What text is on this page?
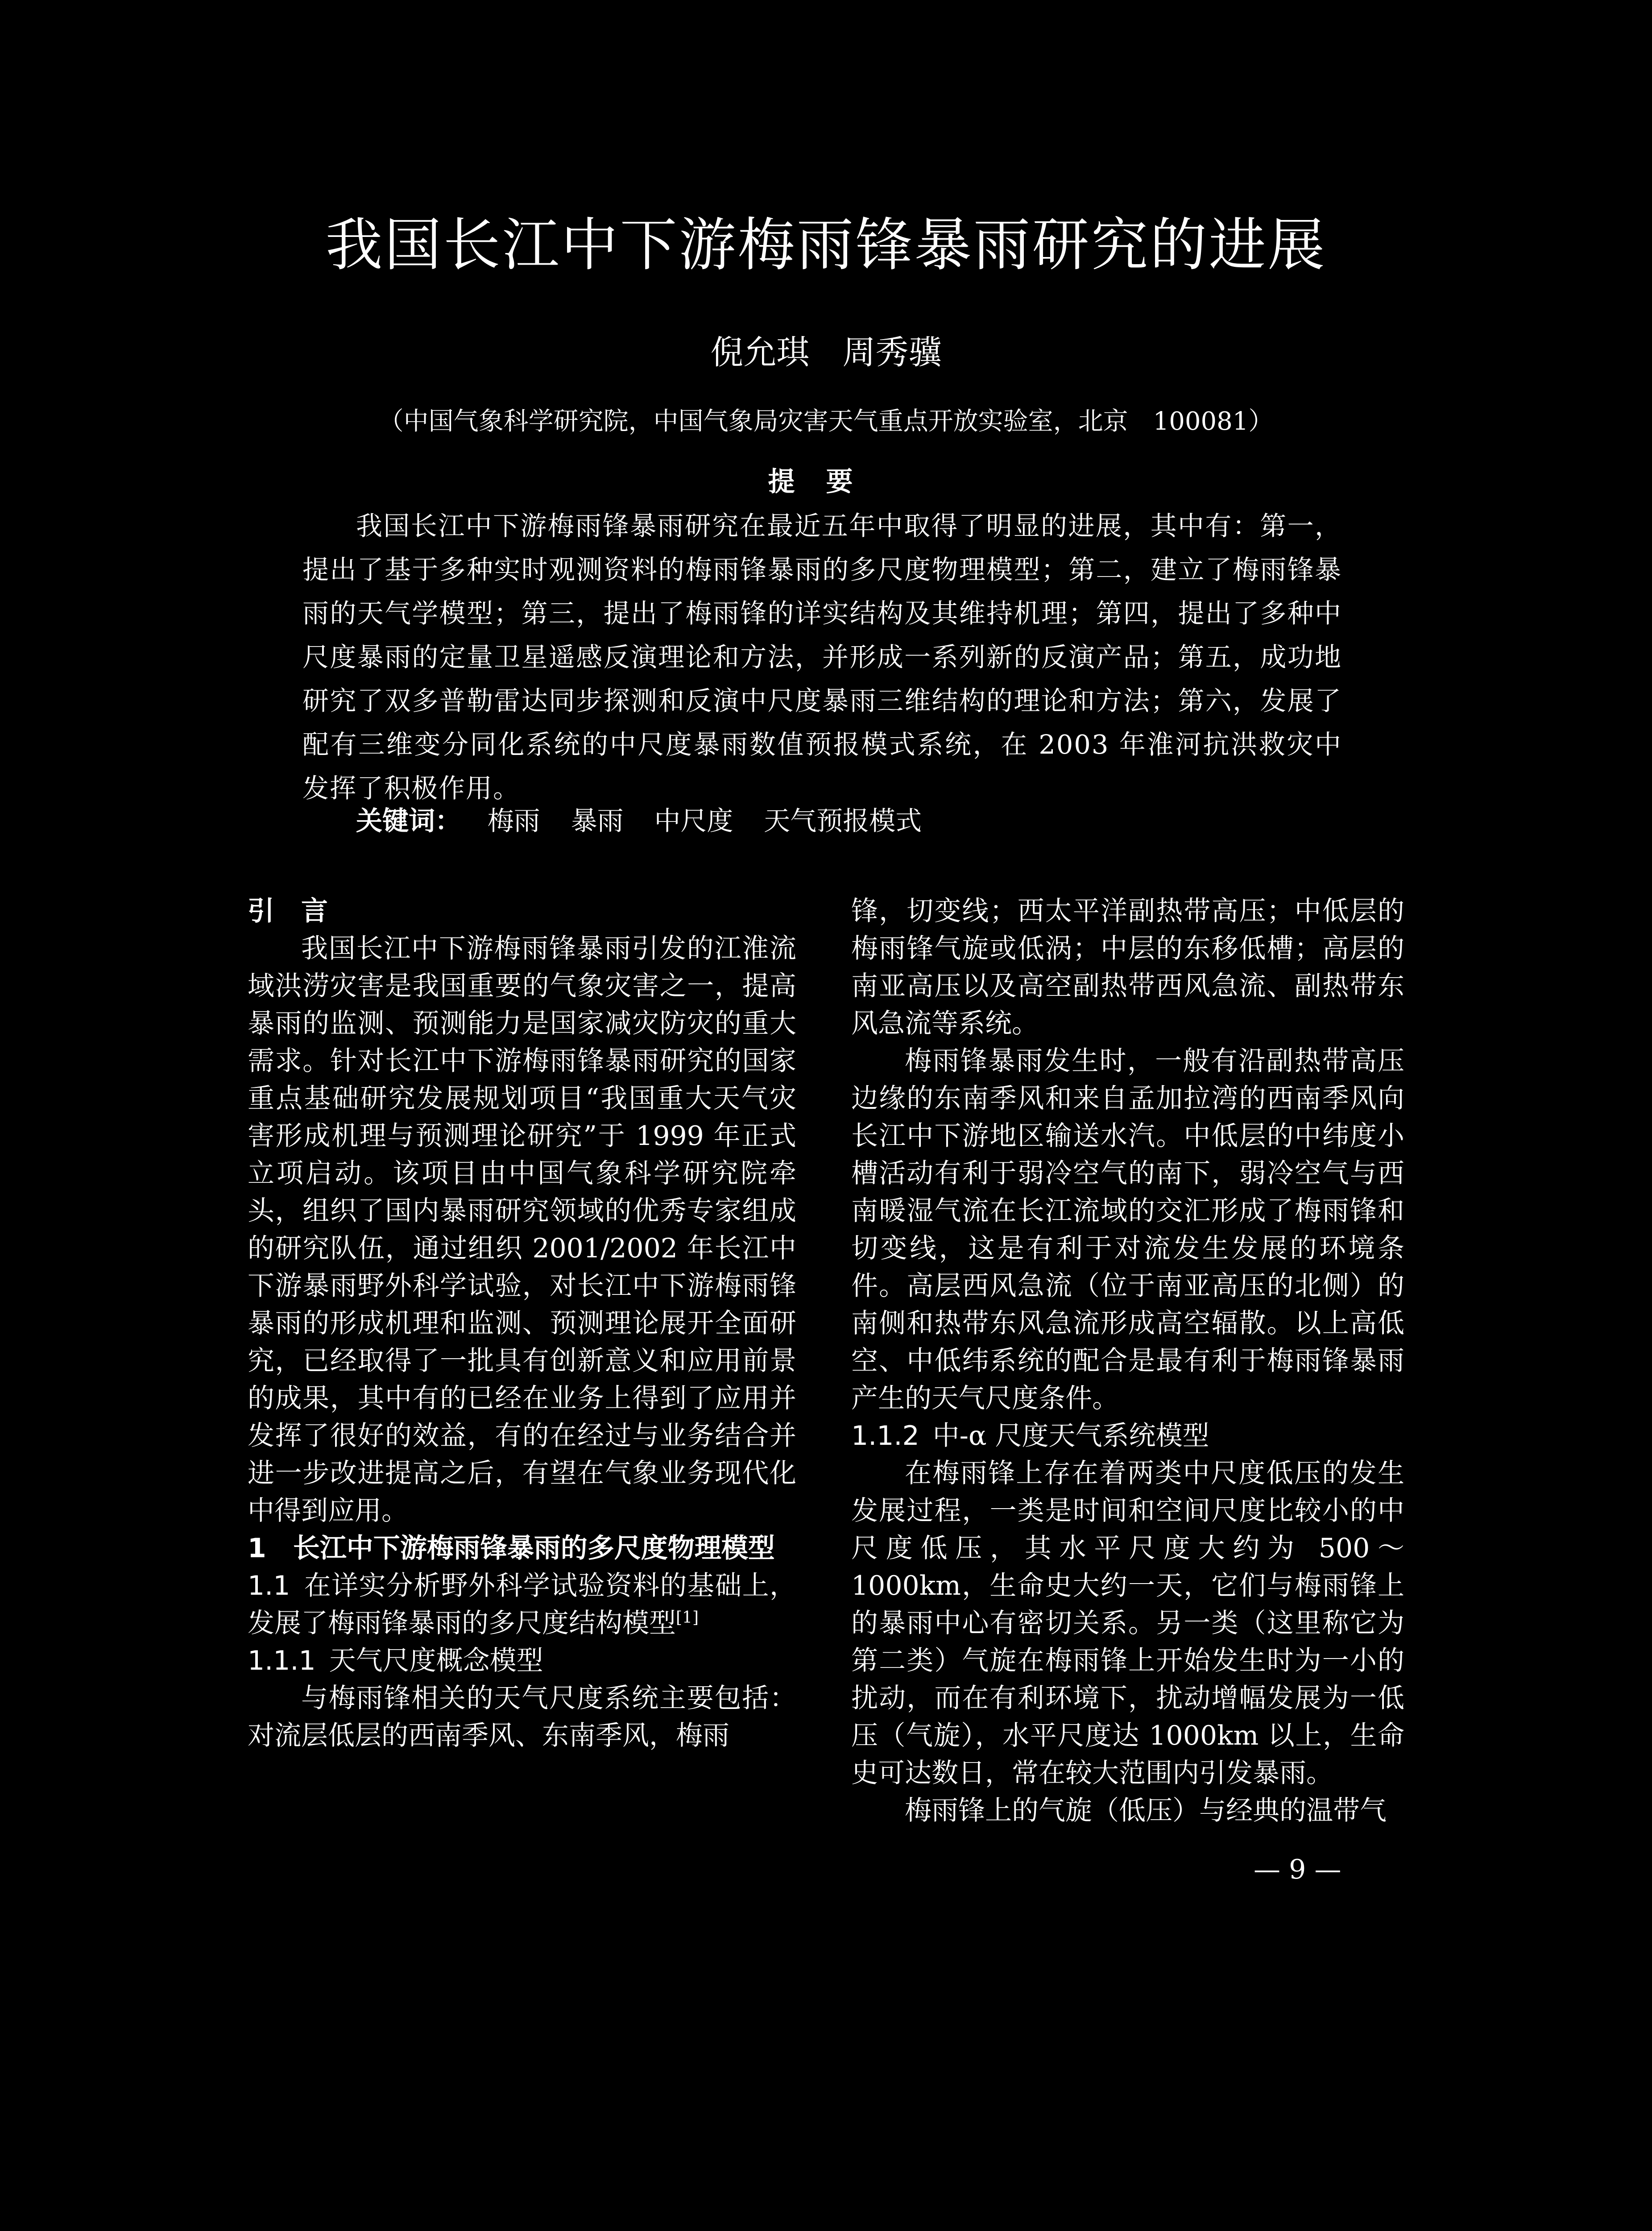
我国长江中下游梅雨锋暴雨研究的进展
倪允琪　周秀骥
（中国气象科学研究院，中国气象局灾害天气重点开放实验室，北京　100081）
提要
我国长江中下游梅雨锋暴雨研究在最近五年中取得了明显的进展，其中有：第一，提出了基于多种实时观测资料的梅雨锋暴雨的多尺度物理模型；第二，建立了梅雨锋暴雨的天气学模型；第三，提出了梅雨锋的详实结构及其维持机理；第四，提出了多种中尺度暴雨的定量卫星遥感反演理论和方法，并形成一系列新的反演产品；第五，成功地研究了双多普勒雷达同步探测和反演中尺度暴雨三维结构的理论和方法；第六，发展了配有三维变分同化系统的中尺度暴雨数值预报模式系统，在 2003 年淮河抗洪救灾中发挥了积极作用。
关键词： 梅雨 暴雨 中尺度 天气预报模式
引　言

我国长江中下游梅雨锋暴雨引发的江淮流域洪涝灾害是我国重要的气象灾害之一，提高暴雨的监测、预测能力是国家减灾防灾的重大需求。针对长江中下游梅雨锋暴雨研究的国家重点基础研究发展规划项目“我国重大天气灾害形成机理与预测理论研究”于 1999 年正式立项启动。该项目由中国气象科学研究院牵头，组织了国内暴雨研究领域的优秀专家组成的研究队伍，通过组织 2001/2002 年长江中下游暴雨野外科学试验，对长江中下游梅雨锋暴雨的形成机理和监测、预测理论展开全面研究，已经取得了一批具有创新意义和应用前景的成果，其中有的已经在业务上得到了应用并发挥了很好的效益，有的在经过与业务结合并进一步改进提高之后，有望在气象业务现代化中得到应用。

1　长江中下游梅雨锋暴雨的多尺度物理模型
1.1 在详实分析野外科学试验资料的基础上，发展了梅雨锋暴雨的多尺度结构模型[1]
1.1.1 天气尺度概念模型

与梅雨锋相关的天气尺度系统主要包括：对流层低层的西南季风、东南季风，梅雨

锋，切变线；西太平洋副热带高压；中低层的梅雨锋气旋或低涡；中层的东移低槽；高层的南亚高压以及高空副热带西风急流、副热带东风急流等系统。

梅雨锋暴雨发生时，一般有沿副热带高压边缘的东南季风和来自孟加拉湾的西南季风向长江中下游地区输送水汽。中低层的中纬度小槽活动有利于弱冷空气的南下，弱冷空气与西南暖湿气流在长江流域的交汇形成了梅雨锋和切变线，这是有利于对流发生发展的环境条件。高层西风急流（位于南亚高压的北侧）的南侧和热带东风急流形成高空辐散。以上高低空、中低纬系统的配合是最有利于梅雨锋暴雨产生的天气尺度条件。

1.1.2 中-α 尺度天气系统模型

在梅雨锋上存在着两类中尺度低压的发生发展过程，一类是时间和空间尺度比较小的中尺度低压，其水平尺度大约为 500～1000km，生命史大约一天，它们与梅雨锋上的暴雨中心有密切关系。另一类（这里称它为第二类）气旋在梅雨锋上开始发生时为一小的扰动，而在有利环境下，扰动增幅发展为一低压（气旋），水平尺度达 1000km 以上，生命史可达数日，常在较大范围内引发暴雨。

梅雨锋上的气旋（低压）与经典的温带气

— 9 —
